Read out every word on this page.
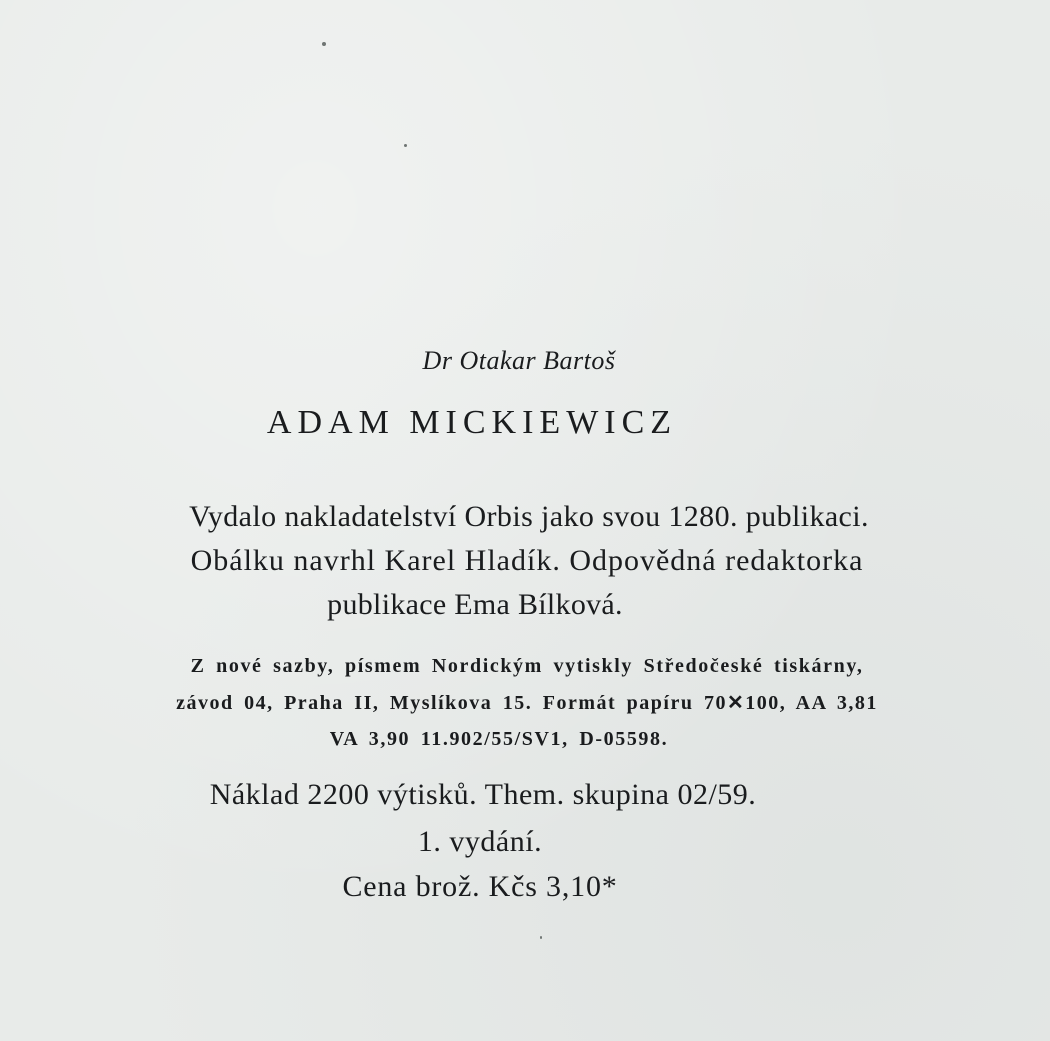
Dr Otakar Bartoš
ADAM MICKIEWICZ
Vydalo nakladatelství Orbis jako svou 1280. publikaci.
Obálku navrhl Karel Hladík. Odpovědná redaktorka
publikace Ema Bílková.
Z nové sazby, písmem Nordickým vytiskly Středočeské tiskárny,
závod 04, Praha II, Myslíkova 15. Formát papíru 70✕100, AA 3,81
VA 3,90 11.902/55/SV1, D-05598.
Náklad 2200 výtisků. Them. skupina 02/59.
1. vydání.
Cena brož. Kčs 3,10*
